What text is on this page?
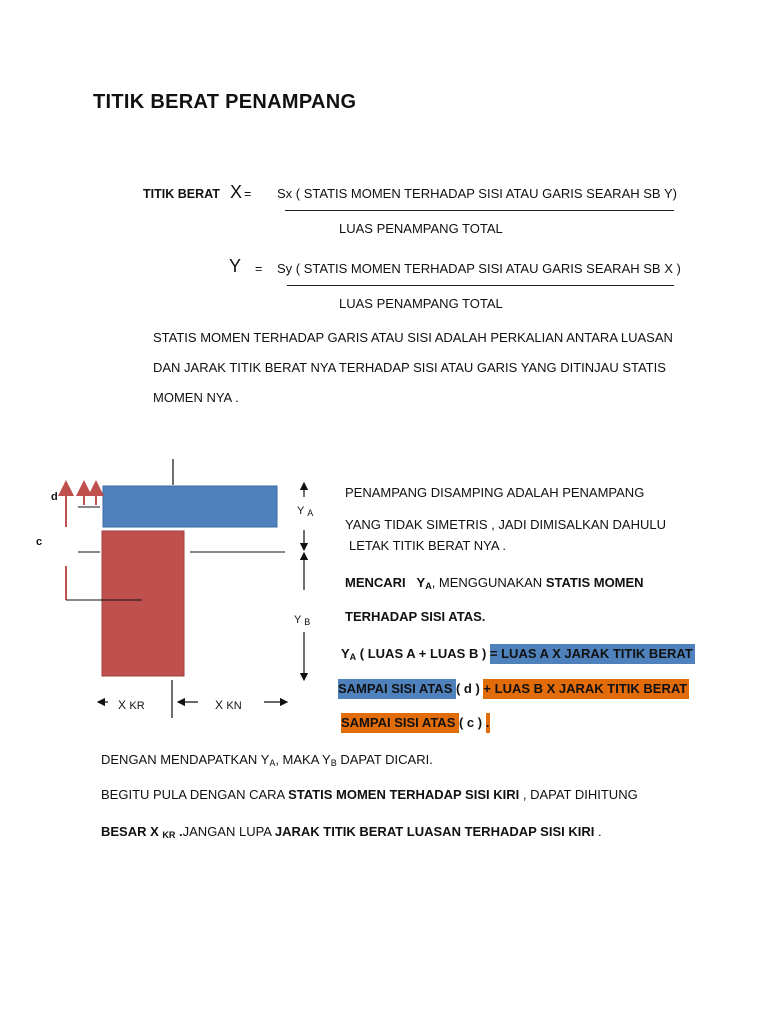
TITIK BERAT PENAMPANG
TITIK BERAT X = Sx ( STATIS MOMEN TERHADAP SISI ATAU GARIS SEARAH SB Y)
LUAS PENAMPANG TOTAL
Y = Sy ( STATIS MOMEN TERHADAP SISI ATAU GARIS SEARAH SB X )
LUAS PENAMPANG TOTAL
STATIS MOMEN TERHADAP GARIS ATAU SISI ADALAH PERKALIAN ANTARA LUASAN
DAN JARAK TITIK BERAT NYA TERHADAP SISI ATAU GARIS YANG DITINJAU STATIS
MOMEN NYA .
d
c
Y $_A$
Y $_B$
X KR	X KN
PENAMPANG DISAMPING ADALAH PENAMPANG
YANG TIDAK SIMETRIS , JADI DIMISALKAN DAHULU
LETAK TITIK BERAT NYA .
MENCARI $Y_A$, MENGGUNAKAN STATIS MOMEN
TERHADAP SISI ATAS.
$Y_A$ ( LUAS A + LUAS B ) = LUAS A X JARAK TITIK BERAT
SAMPAI SISI ATAS ( d ) + LUAS B X JARAK TITIK BERAT
SAMPAI SISI ATAS ( c ) .
DENGAN MENDAPATKAN $Y_A$, MAKA $Y_B$ DAPAT DICARI.
BEGITU PULA DENGAN CARA STATIS MOMEN TERHADAP SISI KIRI , DAPAT DIHITUNG
BESAR X $_{KR}$ .JANGAN LUPA JARAK TITIK BERAT LUASAN TERHADAP SISI KIRI .
